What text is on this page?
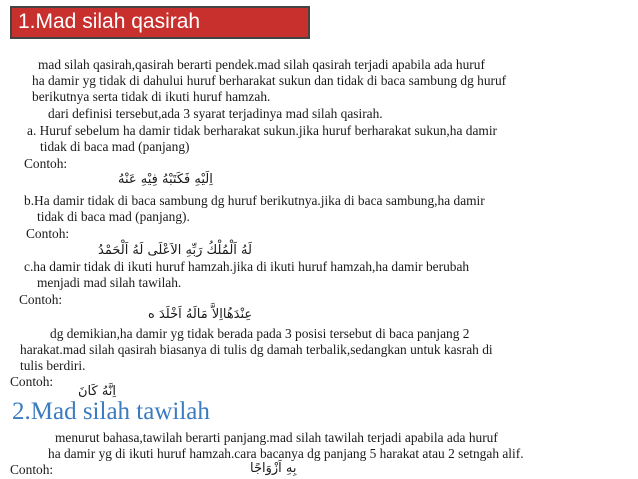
1.Mad silah qasirah
mad silah qasirah,qasirah berarti pendek.mad silah qasirah terjadi apabila ada huruf
ha damir yg tidak di dahului huruf berharakat sukun dan tidak di baca sambung dg huruf
berikutnya serta tidak di ikuti huruf hamzah.
dari definisi tersebut,ada 3 syarat terjadinya mad silah qasirah.
a. Huruf sebelum ha damir tidak berharakat sukun.jika huruf berharakat sukun,ha damir
tidak di baca mad (panjang)
Contoh:
اِلَيْهِ فَكَتَبْهُ فِيْهِ عَنْهُ
b.Ha damir tidak di baca sambung dg huruf berikutnya.jika di baca sambung,ha damir
tidak di baca mad (panjang).
Contoh:
لَهُ اَلْمُلْكُ رَبِّهِ الاَعْلَى لَهُ اَلْحَمْدُ
c.ha damir tidak di ikuti huruf hamzah.jika di ikuti huruf hamzah,ha damir berubah
menjadi mad silah tawilah.
Contoh:
عِنْدَهُااِلاَّ مَالَهُ اَخْلَدَ ه
dg demikian,ha damir yg tidak berada pada 3 posisi tersebut di baca panjang 2
harakat.mad silah qasirah biasanya di tulis dg damah terbalik,sedangkan untuk kasrah di
tulis berdiri.
Contoh:
اِنَّهُ كَانَ
2.Mad silah tawilah
menurut bahasa,tawilah berarti panjang.mad silah tawilah terjadi apabila ada huruf
ha damir yg di ikuti huruf hamzah.cara bacanya dg panjang 5 harakat atau 2 setngah alif.
Contoh:	بِهِ اَزْوَاجًا
